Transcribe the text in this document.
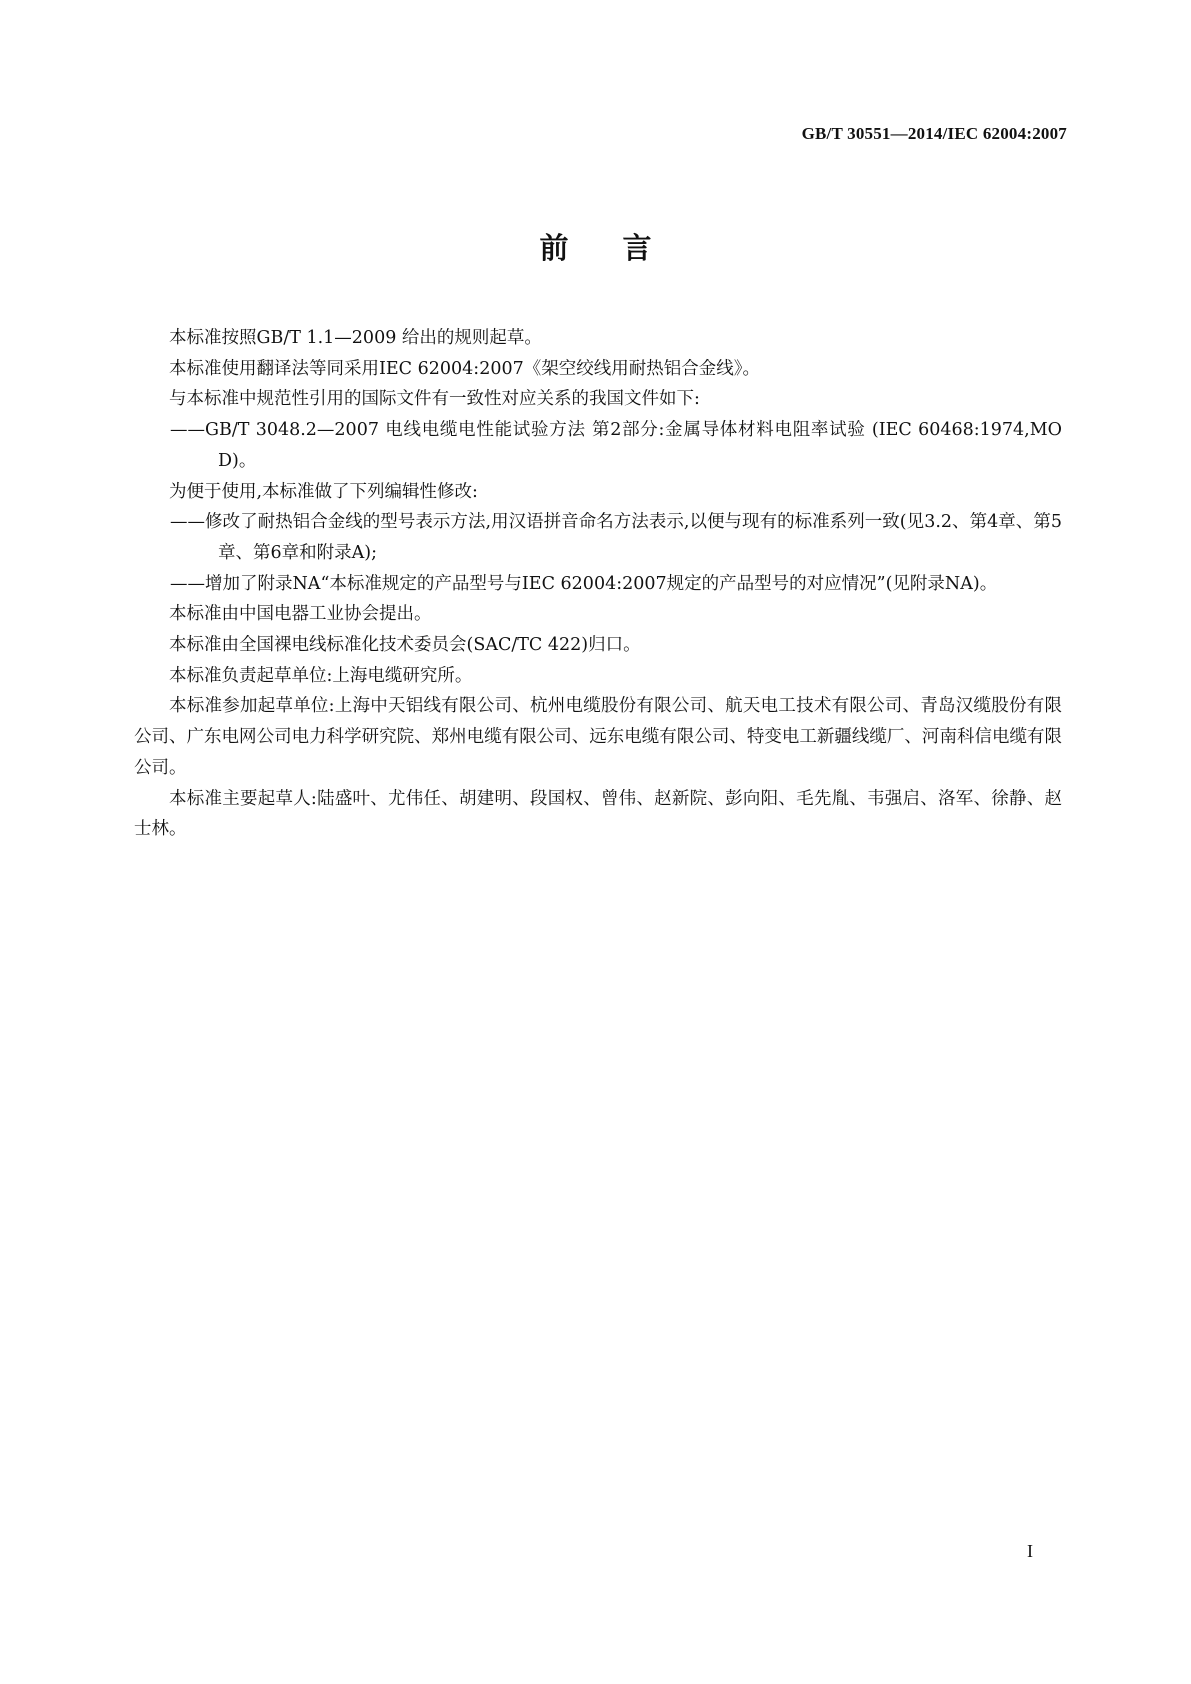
GB/T 30551—2014/IEC 62004:2007
前言

本标准按照GB/T 1.1—2009 给出的规则起草。

本标准使用翻译法等同采用IEC 62004:2007《架空绞线用耐热铝合金线》。

与本标准中规范性引用的国际文件有一致性对应关系的我国文件如下:

——GB/T 3048.2—2007 电线电缆电性能试验方法 第2部分:金属导体材料电阻率试验 (IEC 60468:1974,MOD)。

为便于使用,本标准做了下列编辑性修改:

——修改了耐热铝合金线的型号表示方法,用汉语拼音命名方法表示,以便与现有的标准系列一致(见3.2、第4章、第5章、第6章和附录A);

——增加了附录NA“本标准规定的产品型号与IEC 62004:2007规定的产品型号的对应情况”(见附录NA)。

本标准由中国电器工业协会提出。

本标准由全国裸电线标准化技术委员会(SAC/TC 422)归口。

本标准负责起草单位:上海电缆研究所。

本标准参加起草单位:上海中天铝线有限公司、杭州电缆股份有限公司、航天电工技术有限公司、青岛汉缆股份有限公司、广东电网公司电力科学研究院、郑州电缆有限公司、远东电缆有限公司、特变电工新疆线缆厂、河南科信电缆有限公司。

本标准主要起草人:陆盛叶、尤伟任、胡建明、段国权、曾伟、赵新院、彭向阳、毛先胤、韦强启、洛军、徐静、赵士林。

I
